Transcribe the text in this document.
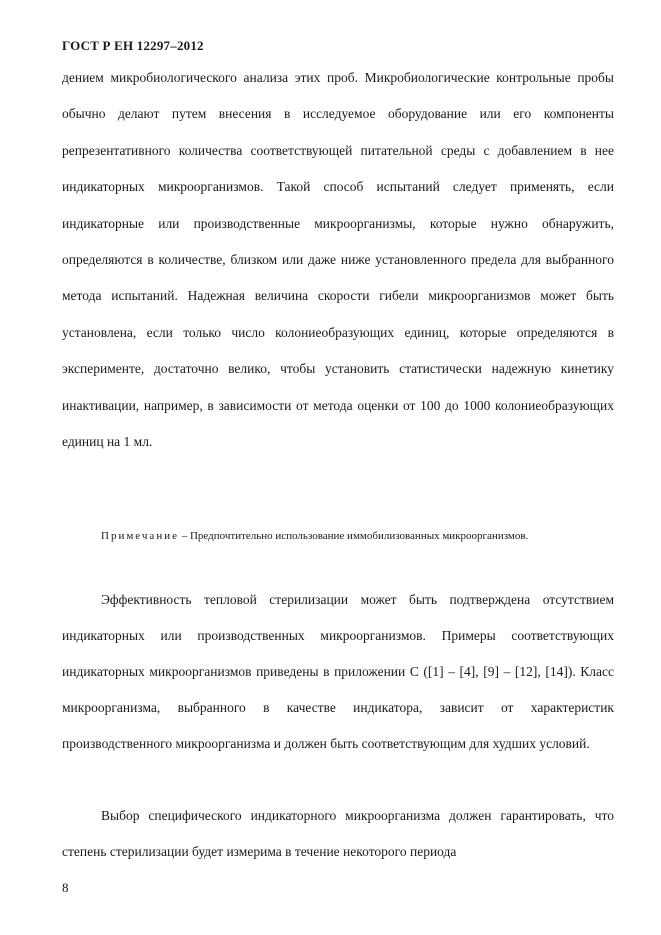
ГОСТ Р ЕН 12297–2012

дением микробиологического анализа этих проб. Микробиологические контрольные пробы обычно делают путем внесения в исследуемое оборудование или его компоненты репрезентативного количества соответствующей питательной среды с добавлением в нее индикаторных микроорганизмов. Такой способ испытаний следует применять, если индикаторные или производственные микроорганизмы, которые нужно обнаружить, определяются в количестве, близком или даже ниже установленного предела для выбранного метода испытаний. Надежная величина скорости гибели микроорганизмов может быть установлена, если только число колониеобразующих единиц, которые определяются в эксперименте, достаточно велико, чтобы установить статистически надежную кинетику инактивации, например, в зависимости от метода оценки от 100 до 1000 колониеобразующих единиц на 1 мл.

Примечание – Предпочтительно использование иммобилизованных микроорганизмов.

Эффективность тепловой стерилизации может быть подтверждена отсутствием индикаторных или производственных микроорганизмов. Примеры соответствующих индикаторных микроорганизмов приведены в приложении С ([1] – [4], [9] – [12], [14]). Класс микроорганизма, выбранного в качестве индикатора, зависит от характеристик производственного микроорганизма и должен быть соответствующим для худших условий.

Выбор специфического индикаторного микроорганизма должен гарантировать, что степень стерилизации будет измерима в течение некоторого периода

8
